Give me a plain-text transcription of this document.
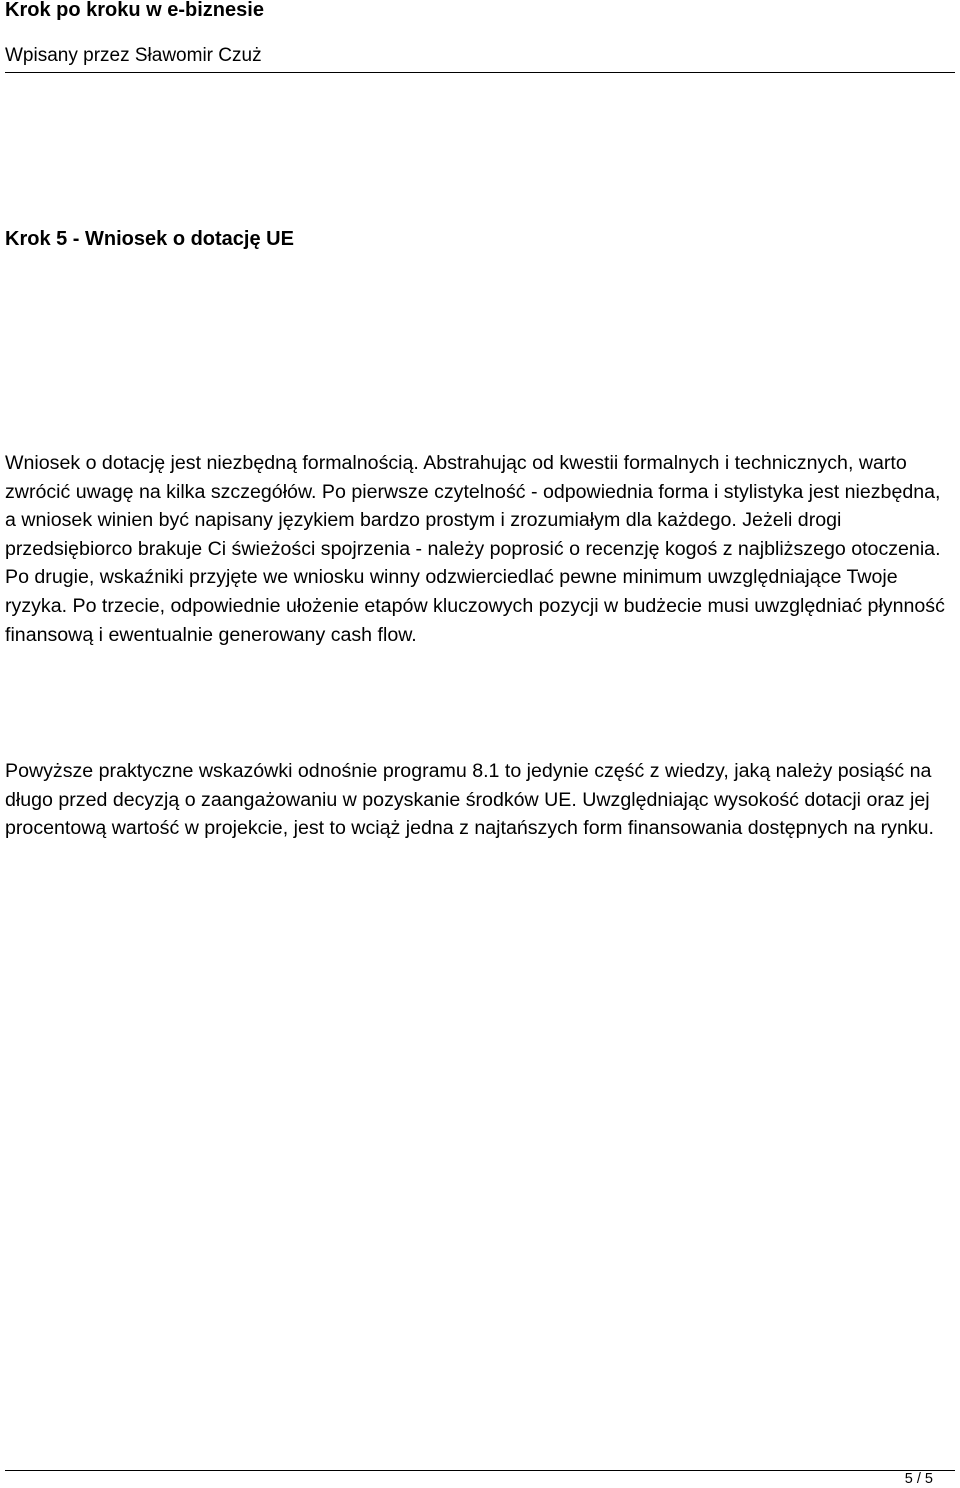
Krok po kroku w e-biznesie
Wpisany przez Sławomir Czuż
Krok 5 - Wniosek o dotację UE

Wniosek o dotację jest niezbędną formalnością. Abstrahując od kwestii formalnych i technicznych, warto zwrócić uwagę na kilka szczegółów. Po pierwsze czytelność - odpowiednia forma i stylistyka jest niezbędna, a wniosek winien być napisany językiem bardzo prostym i zrozumiałym dla każdego. Jeżeli drogi przedsiębiorco brakuje Ci świeżości spojrzenia - należy poprosić o recenzję kogoś z najbliższego otoczenia. Po drugie, wskaźniki przyjęte we wniosku winny odzwierciedlać pewne minimum uwzględniające Twoje ryzyka. Po trzecie, odpowiednie ułożenie etapów kluczowych pozycji w budżecie musi uwzględniać płynność finansową i ewentualnie generowany cash flow.

Powyższe praktyczne wskazówki odnośnie programu 8.1 to jedynie część z wiedzy, jaką należy posiąść na długo przed decyzją o zaangażowaniu w pozyskanie środków UE. Uwzględniając wysokość dotacji oraz jej procentową wartość w projekcie, jest to wciąż jedna z najtańszych form finansowania dostępnych na rynku.

5 / 5
